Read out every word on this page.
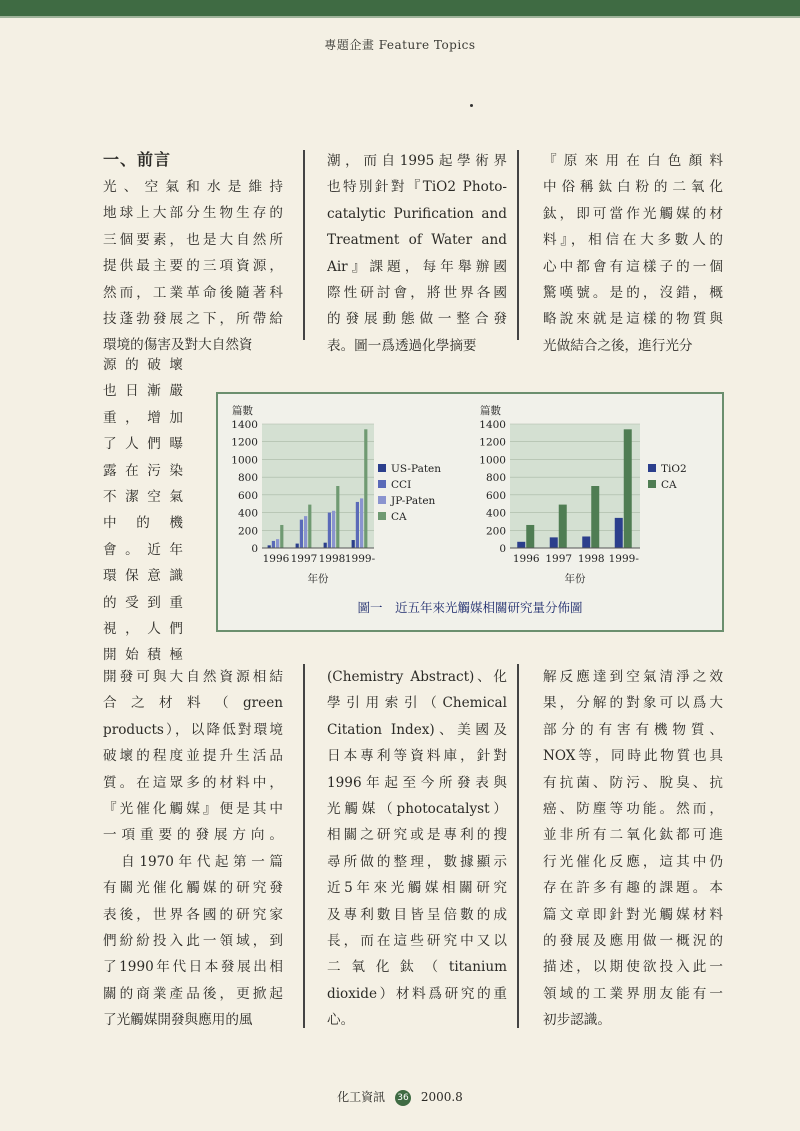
專題企畫 Feature Topics
一、前言

光、空氣和水是維持

地球上大部分生物生存的

三個要素，也是大自然所

提供最主要的三項資源，

然而，工業革命後隨著科

技蓬勃發展之下，所帶給

環境的傷害及對大自然資

源的破壞
也日漸嚴
重，增加
了人們曝
露在污染
不潔空氣
中 的 機
會。近年
環保意識
的受到重
視，人們
開始積極

開發可與大自然資源相結

合之材料（green

products），以降低對環境

破壞的程度並提升生活品

質。在這眾多的材料中，

『光催化觸媒』便是其中

一項重要的發展方向。

　自1970年代起第一篇

有關光催化觸媒的研究發

表後，世界各國的研究家

們紛紛投入此一領域，到

了1990年代日本發展出相

關的商業產品後，更掀起

了光觸媒開發與應用的風

潮，而自1995起學術界

也特別針對『TiO2 Photo-

catalytic Purification and

Treatment of Water and

Air』課題，每年舉辦國

際性研討會，將世界各國

的發展動態做一整合發

表。圖一爲透過化學摘要

(Chemistry Abstract)、化

學引用索引（Chemical

Citation Index)、美國及

日本專利等資料庫，針對

1996年起至今所發表與

光觸媒（photocatalyst）

相關之研究或是專利的搜

尋所做的整理，數據顯示

近5年來光觸媒相關研究

及專利數目皆呈倍數的成

長，而在這些研究中又以

二氧化鈦（titanium

dioxide）材料爲研究的重

心。

『原來用在白色顏料

中俗稱鈦白粉的二氧化

鈦，即可當作光觸媒的材

料』，相信在大多數人的

心中都會有這樣子的一個

驚嘆號。是的，沒錯，概

略說來就是這樣的物質與

光做結合之後，進行光分

解反應達到空氣清淨之效

果，分解的對象可以爲大

部分的有害有機物質、

NOX等，同時此物質也具

有抗菌、防污、脫臭、抗

癌、防塵等功能。然而，

並非所有二氧化鈦都可進

行光催化反應，這其中仍

存在許多有趣的課題。本

篇文章即針對光觸媒材料

的發展及應用做一概況的

描述，以期使欲投入此一

領域的工業界朋友能有一

初步認識。

0
200
400
600
800
1000
1200
1400
篇數
1996 1997 1998 1999-
年份
US-Paten
CCI
JP-Paten
CA
0
200
400
600
800
1000
1200
1400
篇數
1996 1997 1998 1999-
年份
TiO2
CA
圖一　近五年來光觸媒相關研究量分佈圖
化工資訊 36 2000.8
